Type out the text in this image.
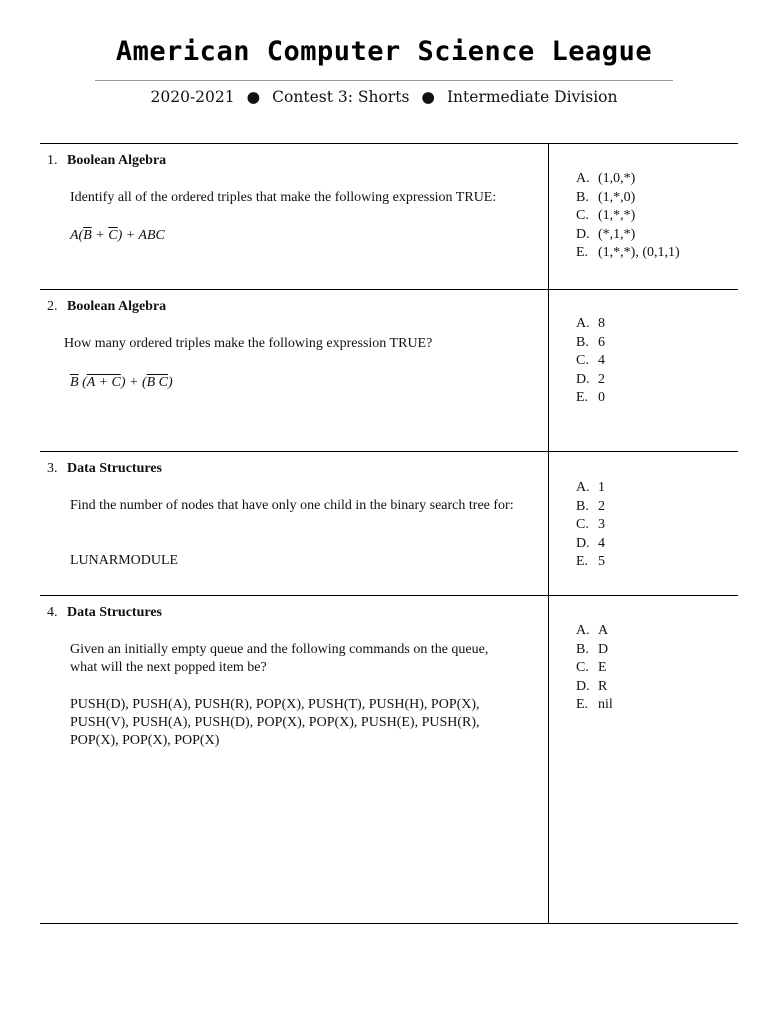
American Computer Science League
2020-2021 ● Contest 3: Shorts ● Intermediate Division
1. Boolean Algebra
Identify all of the ordered triples that make the following expression TRUE:
$A(\overline{B} + \overline{C})$ + ABC
A. (1,0,*)
B. (1,*,0)
C. (1,*,*)
D. (*,1,*)
E. (1,*,*), (0,1,1)
2. Boolean Algebra
How many ordered triples make the following expression TRUE?
$\overline{B}$ (A + C) + (B C)
A. 8
B. 6
C. 4
D. 2
E. 0
3. Data Structures
Find the number of nodes that have only one child in the binary search tree for:
LUNARMODULE
A. 1
B. 2
C. 3
D. 4
E. 5
4. Data Structures
Given an initially empty queue and the following commands on the queue, what will the next popped item be?
PUSH(D), PUSH(A), PUSH(R), POP(X), PUSH(T), PUSH(H), POP(X), PUSH(V), PUSH(A), PUSH(D), POP(X), POP(X), PUSH(E), PUSH(R), POP(X), POP(X), POP(X)
A. A
B. D
C. E
D. R
E. nil
